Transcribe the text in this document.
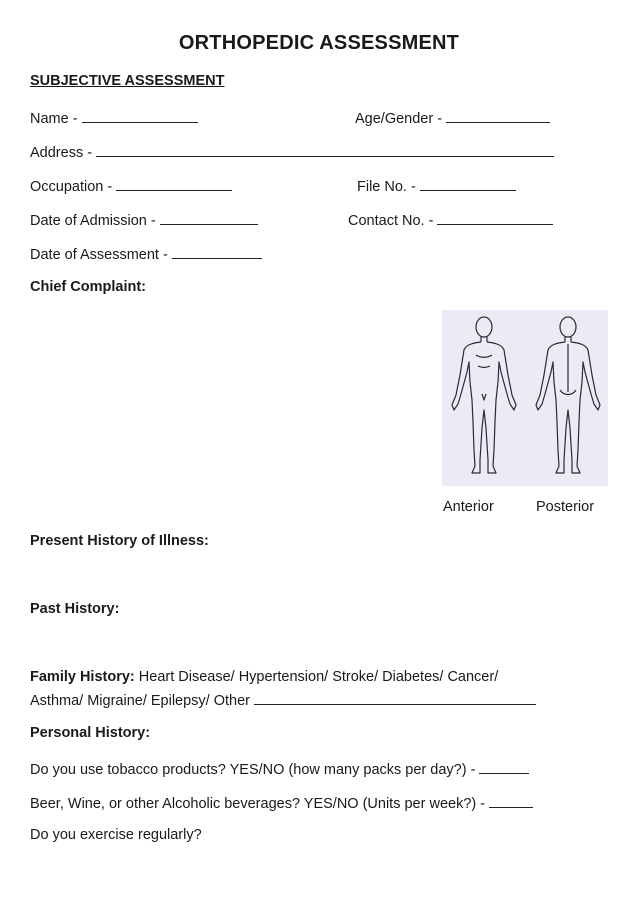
ORTHOPEDIC ASSESSMENT
SUBJECTIVE ASSESSMENT
Name -	Age/Gender -
Address -
Occupation -	File No. -
Date of Admission -	Contact No. -
Date of Assessment -
Chief Complaint:
Anterior	Posterior
Present History of Illness:
Past History:
Family History: Heart Disease/ Hypertension/ Stroke/ Diabetes/ Cancer/
Asthma/ Migraine/ Epilepsy/ Other
Personal History:
Do you use tobacco products? YES/NO (how many packs per day?) -
Beer, Wine, or other Alcoholic beverages? YES/NO (Units per week?) -
Do you exercise regularly?
